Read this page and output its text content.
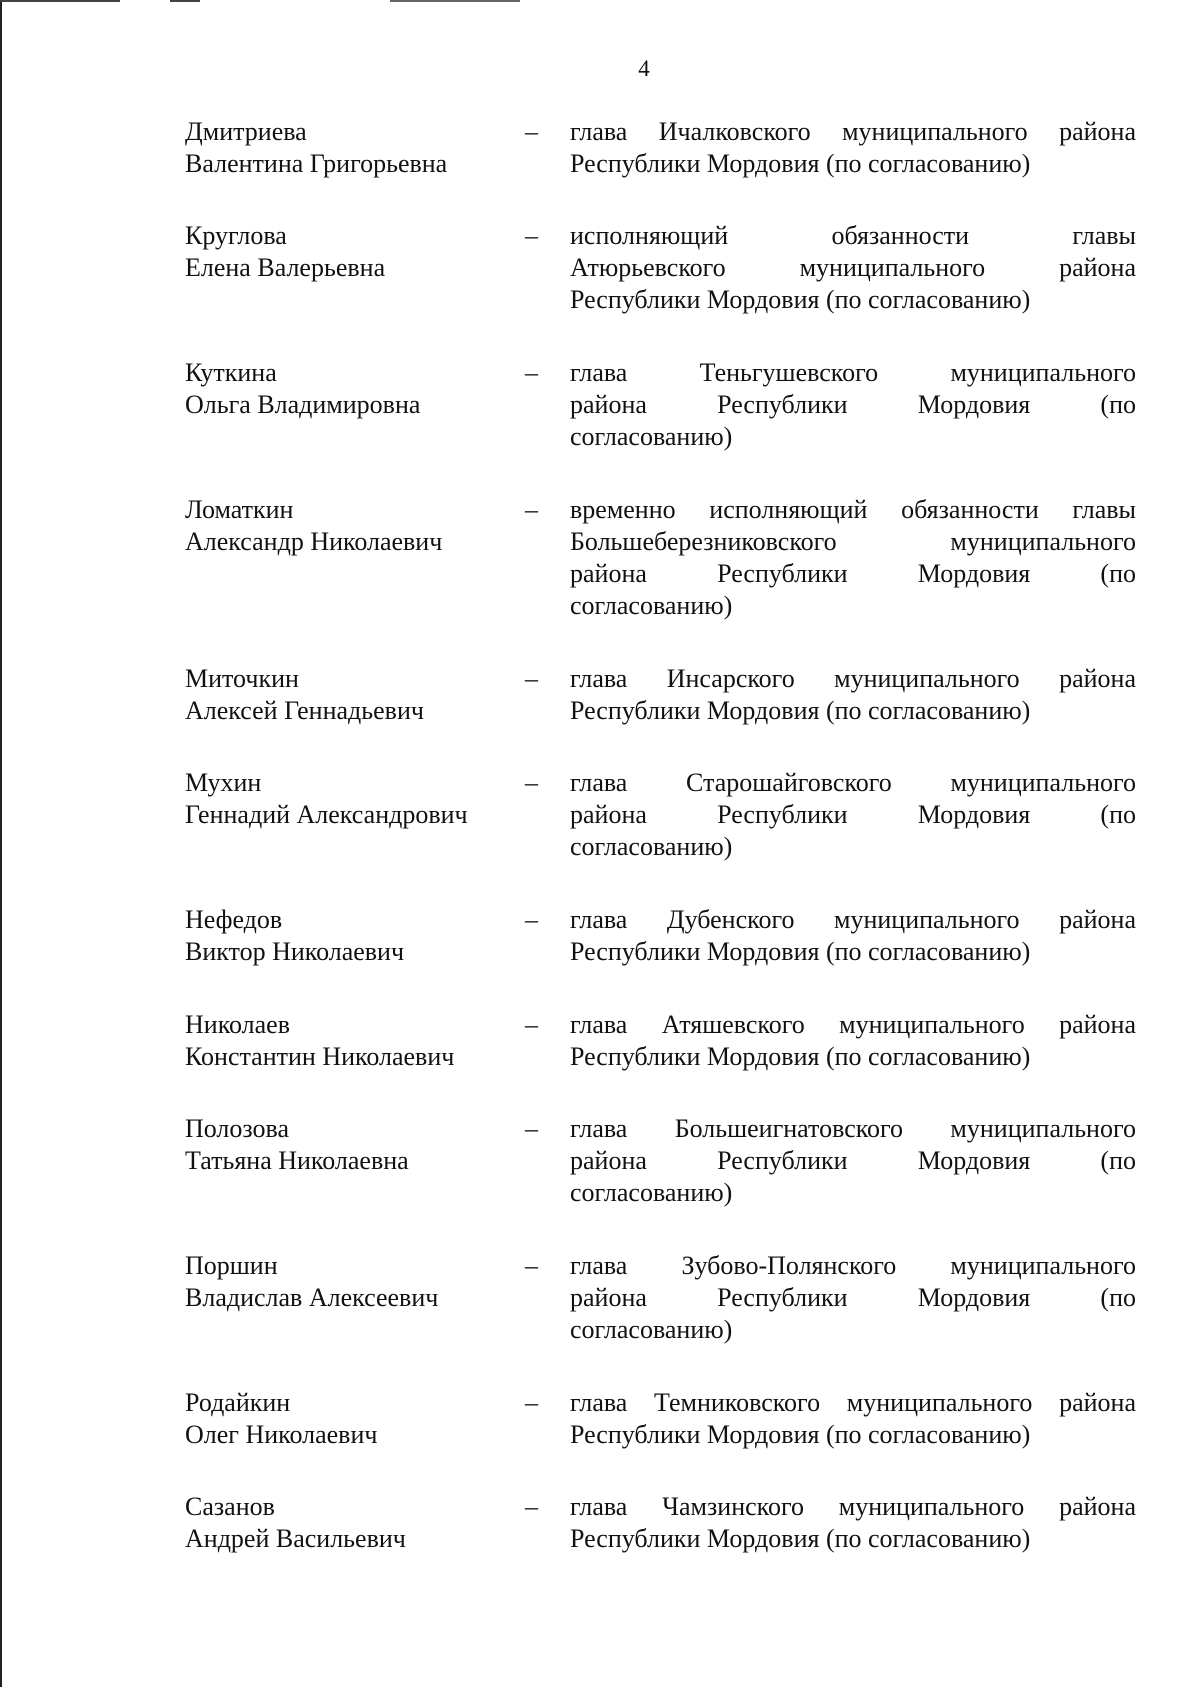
4
Дмитриева
Валентина Григорьевна
–	глава Ичалковского муниципального района
Республики Мордовия (по согласованию)
Круглова
Елена Валерьевна
–	исполняющий обязанности главы
Атюрьевского муниципального района
Республики Мордовия (по согласованию)
Куткина
Ольга Владимировна
–	глава Теньгушевского муниципального
района Республики Мордовия (по
согласованию)
Ломаткин
Александр Николаевич
–	временно исполняющий обязанности главы
Большеберезниковского муниципального
района Республики Мордовия (по
согласованию)
Миточкин
Алексей Геннадьевич
–	глава Инсарского муниципального района
Республики Мордовия (по согласованию)
Мухин
Геннадий Александрович
–	глава Старошайговского муниципального
района Республики Мордовия (по
согласованию)
Нефедов
Виктор Николаевич
–	глава Дубенского муниципального района
Республики Мордовия (по согласованию)
Николаев
Константин Николаевич
–	глава Атяшевского муниципального района
Республики Мордовия (по согласованию)
Полозова
Татьяна Николаевна
–	глава Большеигнатовского муниципального
района Республики Мордовия (по
согласованию)
Поршин
Владислав Алексеевич
–	глава Зубово-Полянского муниципального
района Республики Мордовия (по
согласованию)
Родайкин
Олег Николаевич
–	глава Темниковского муниципального района
Республики Мордовия (по согласованию)
Сазанов
Андрей Васильевич
–	глава Чамзинского муниципального района
Республики Мордовия (по согласованию)
